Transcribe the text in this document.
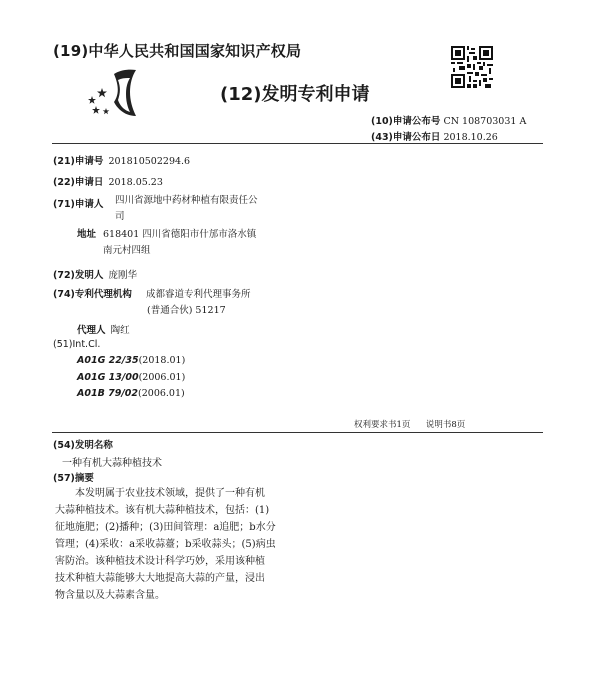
(19)中华人民共和国国家知识产权局
(12)发明专利申请
(10)申请公布号 CN 108703031 A
(43)申请公布日 2018.10.26
(21)申请号 201810502294.6
(22)申请日 2018.05.23
(71)申请人 四川省源地中药材种植有限责任公
司
地址 618401 四川省德阳市什邡市洛水镇
南元村四组
(72)发明人 庞刚华
(74)专利代理机构 成都睿道专利代理事务所
(普通合伙) 51217
代理人 陶红
(51)Int.Cl.
A01G 22/35(2018.01)
A01G 13/00(2006.01)
A01B 79/02(2006.01)
权利要求书1页 说明书8页
(54)发明名称
一种有机大蒜种植技术
(57)摘要
本发明属于农业技术领域，提供了一种有机
大蒜种植技术。该有机大蒜种植技术，包括：(1)
征地施肥；(2)播种；(3)田间管理：a追肥；b水分
管理；(4)采收：a采收蒜薹；b采收蒜头；(5)病虫
害防治。该种植技术设计科学巧妙，采用该种植
技术种植大蒜能够大大地提高大蒜的产量，浸出
物含量以及大蒜素含量。
